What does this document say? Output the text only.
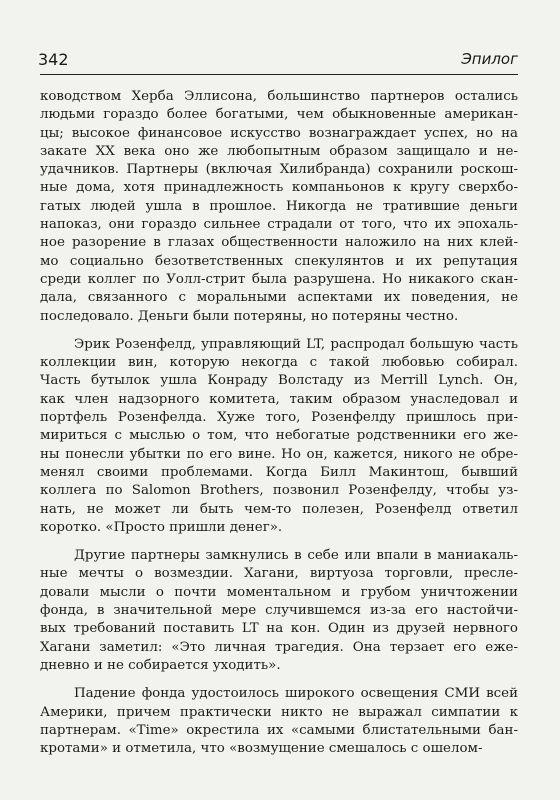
342	Эпилог

ководством Херба Эллисона, большинство партнеров остались
людьми гораздо более богатыми, чем обыкновенные американ-
цы; высокое финансовое искусство вознаграждает успех, но на
закате XX века оно же любопытным образом защищало и не-
удачников. Партнеры (включая Хилибранда) сохранили роскош-
ные дома, хотя принадлежность компаньонов к кругу сверхбо-
гатых людей ушла в прошлое. Никогда не тратившие деньги
напоказ, они гораздо сильнее страдали от того, что их эпохаль-
ное разорение в глазах общественности наложило на них клей-
мо социально безответственных спекулянтов и их репутация
среди коллег по Уолл-стрит была разрушена. Но никакого скан-
дала, связанного с моральными аспектами их поведения, не
последовало. Деньги были потеряны, но потеряны честно.

Эрик Розенфелд, управляющий LT, распродал большую часть
коллекции вин, которую некогда с такой любовью собирал.
Часть бутылок ушла Конраду Волстаду из Merrill Lynch. Он,
как член надзорного комитета, таким образом унаследовал и
портфель Розенфелда. Хуже того, Розенфелду пришлось при-
мириться с мыслью о том, что небогатые родственники его же-
ны понесли убытки по его вине. Но он, кажется, никого не обре-
менял своими проблемами. Когда Билл Макинтош, бывший
коллега по Salomon Brothers, позвонил Розенфелду, чтобы уз-
нать, не может ли быть чем-то полезен, Розенфелд ответил
коротко. «Просто пришли денег».

Другие партнеры замкнулись в себе или впали в маниакаль-
ные мечты о возмездии. Хагани, виртуоза торговли, пресле-
довали мысли о почти моментальном и грубом уничтожении
фонда, в значительной мере случившемся из-за его настойчи-
вых требований поставить LT на кон. Один из друзей нервного
Хагани заметил: «Это личная трагедия. Она терзает его еже-
дневно и не собирается уходить».

Падение фонда удостоилось широкого освещения СМИ всей
Америки, причем практически никто не выражал симпатии к
партнерам. «Time» окрестила их «самыми блистательными бан-
кротами» и отметила, что «возмущение смешалось с ошелом-
